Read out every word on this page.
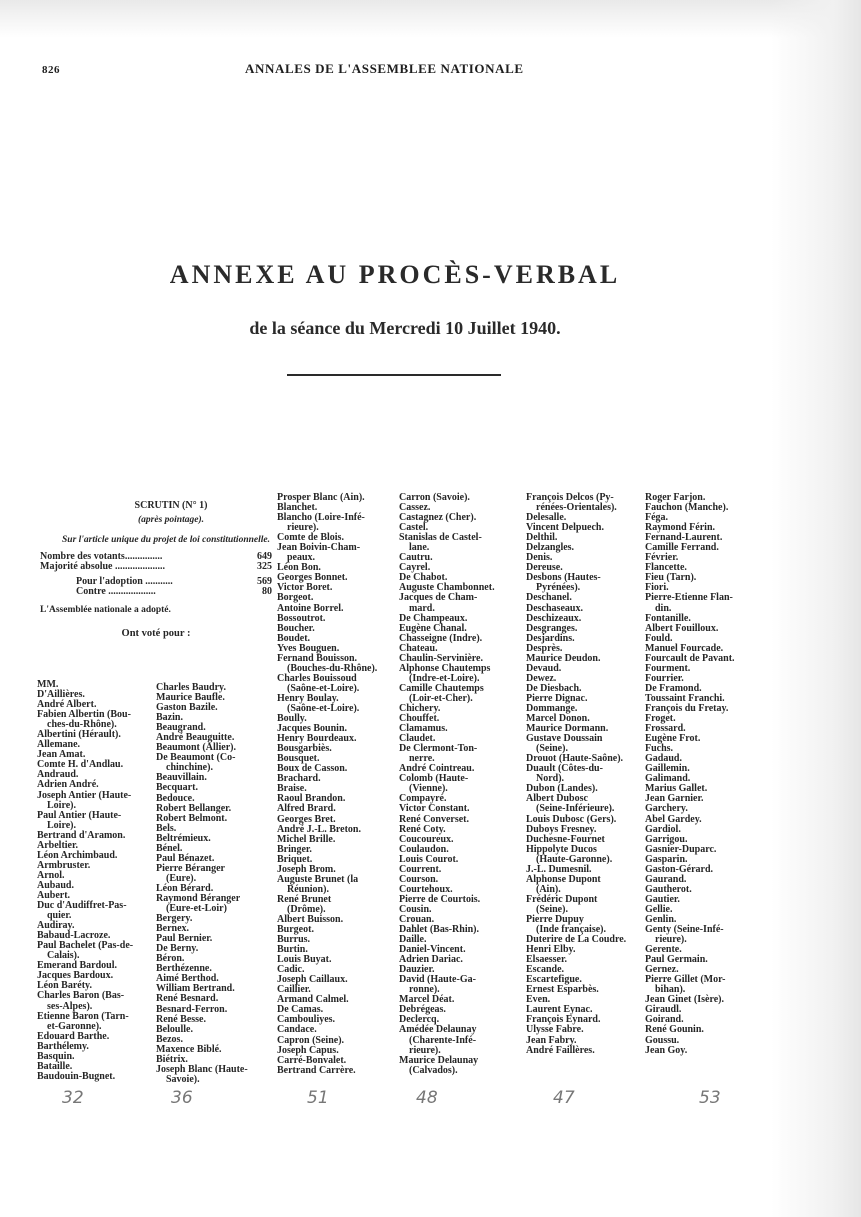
826	ANNALES DE L'ASSEMBLEE NATIONALE
ANNEXE AU PROCÈS-VERBAL
de la séance du Mercredi 10 Juillet 1940.
SCRUTIN (N° 1)
(après pointage).
Sur l'article unique du projet de loi constitutionnelle.
Nombre des votants...............	649
Majorité absolue ....................	325
Pour l'adoption ...........	569
Contre ...................	80
L'Assemblée nationale a adopté.
Ont voté pour :
MM.
D'Aillières.
André Albert.
Fabien Albertin (Bou-
ches-du-Rhône).
Albertini (Hérault).
Allemane.
Jean Amat.
Comte H. d'Andlau.
Andraud.
Adrien André.
Joseph Antier (Haute-
Loire).
Paul Antier (Haute-
Loire).
Bertrand d'Aramon.
Arbeltier.
Léon Archimbaud.
Armbruster.
Arnol.
Aubaud.
Aubert.
Duc d'Audiffret-Pas-
quier.
Audiray.
Babaud-Lacroze.
Paul Bachelet (Pas-de-
Calais).
Emerand Bardoul.
Jacques Bardoux.
Léon Baréty.
Charles Baron (Bas-
ses-Alpes).
Etienne Baron (Tarn-
et-Garonne).
Edouard Barthe.
Barthélemy.
Basquin.
Bataille.
Baudouin-Bugnet.
Charles Baudry.
Maurice Baufle.
Gaston Bazile.
Bazin.
Beaugrand.
André Beauguitte.
Beaumont (Allier).
De Beaumont (Co-
chinchine).
Beauvillain.
Becquart.
Bedouce.
Robert Bellanger.
Robert Belmont.
Bels.
Beltrémieux.
Bénel.
Paul Bénazet.
Pierre Béranger
(Eure).
Léon Bérard.
Raymond Béranger
(Eure-et-Loir)
Bergery.
Bernex.
Paul Bernier.
De Berny.
Béron.
Berthézenne.
Aimé Berthod.
William Bertrand.
René Besnard.
Besnard-Ferron.
René Besse.
Beloulle.
Bezos.
Maxence Biblé.
Biétrix.
Joseph Blanc (Haute-
Savoie).
Prosper Blanc (Ain).
Blanchet.
Blancho (Loire-Infé-
rieure).
Comte de Blois.
Jean Boivin-Cham-
peaux.
Léon Bon.
Georges Bonnet.
Victor Boret.
Borgeot.
Antoine Borrel.
Bossoutrot.
Boucher.
Boudet.
Yves Bouguen.
Fernand Bouisson.
(Bouches-du-Rhône).
Charles Bouissoud
(Saône-et-Loire).
Henry Boulay.
(Saône-et-Loire).
Boully.
Jacques Bounin.
Henry Bourdeaux.
Bousgarbiès.
Bousquet.
Boux de Casson.
Brachard.
Braise.
Raoul Brandon.
Alfred Brard.
Georges Bret.
André J.-L. Breton.
Michel Brille.
Bringer.
Briquet.
Joseph Brom.
Auguste Brunet (la
Réunion).
René Brunet
(Drôme).
Albert Buisson.
Burgeot.
Burrus.
Burtin.
Louis Buyat.
Cadic.
Joseph Caillaux.
Caillier.
Armand Calmel.
De Camas.
Cambouliyes.
Candace.
Capron (Seine).
Joseph Capus.
Carré-Bonvalet.
Bertrand Carrère.
Carron (Savoie).
Cassez.
Castagnez (Cher).
Castel.
Stanislas de Castel-
lane.
Cautru.
Cayrel.
De Chabot.
Auguste Chambonnet.
Jacques de Cham-
mard.
De Champeaux.
Eugène Chanal.
Chasseigne (Indre).
Chateau.
Chaulin-Servinière.
Alphonse Chautemps
(Indre-et-Loire).
Camille Chautemps
(Loir-et-Cher).
Chichery.
Chouffet.
Clamamus.
Claudet.
De Clermont-Ton-
nerre.
André Cointreau.
Colomb (Haute-
(Vienne).
Compayré.
Victor Constant.
René Converset.
René Coty.
Coucoureux.
Coulaudon.
Louis Courot.
Courrent.
Courson.
Courtehoux.
Pierre de Courtois.
Cousin.
Crouan.
Dahlet (Bas-Rhin).
Daille.
Daniel-Vincent.
Adrien Dariac.
Dauzier.
David (Haute-Ga-
ronne).
Marcel Déat.
Debrégeas.
Declercq.
Amédée Delaunay
(Charente-Infé-
rieure).
Maurice Delaunay
(Calvados).
François Delcos (Py-
rénées-Orientales).
Delesalle.
Vincent Delpuech.
Delthil.
Delzangles.
Denis.
Dereuse.
Desbons (Hautes-
Pyrénées).
Deschanel.
Deschaseaux.
Deschizeaux.
Desgranges.
Desjardins.
Desprès.
Maurice Deudon.
Devaud.
Dewez.
De Diesbach.
Pierre Dignac.
Dommange.
Marcel Donon.
Maurice Dormann.
Gustave Doussain
(Seine).
Drouot (Haute-Saône).
Duault (Côtes-du-
Nord).
Dubon (Landes).
Albert Dubosc
(Seine-Inférieure).
Louis Dubosc (Gers).
Duboys Fresney.
Duchesne-Fournet
Hippolyte Ducos
(Haute-Garonne).
J.-L. Dumesnil.
Alphonse Dupont
(Ain).
Frédéric Dupont
(Seine).
Pierre Dupuy
(Inde française).
Duterire de La Coudre.
Henri Elby.
Elsaesser.
Escande.
Escartefigue.
Ernest Esparbès.
Even.
Laurent Eynac.
François Eynard.
Ulysse Fabre.
Jean Fabry.
André Faillères.
Roger Farjon.
Fauchon (Manche).
Féga.
Raymond Férin.
Fernand-Laurent.
Camille Ferrand.
Février.
Flancette.
Fieu (Tarn).
Fiori.
Pierre-Etienne Flan-
din.
Fontanille.
Albert Fouilloux.
Fould.
Manuel Fourcade.
Fourcault de Pavant.
Fourment.
Fourrier.
De Framond.
Toussaint Franchi.
François du Fretay.
Froget.
Frossard.
Eugène Frot.
Fuchs.
Gadaud.
Gaillemin.
Galimand.
Marius Gallet.
Jean Garnier.
Garchery.
Abel Gardey.
Gardiol.
Garrigou.
Gasnier-Duparc.
Gasparin.
Gaston-Gérard.
Gaurand.
Gautherot.
Gautier.
Gellie.
Genlin.
Genty (Seine-Infé-
rieure).
Gerente.
Paul Germain.
Gernez.
Pierre Gillet (Mor-
bihan).
Jean Ginet (Isère).
Giraudl.
Goirand.
René Gounin.
Goussu.
Jean Goy.
32	36	51	48	47	53
